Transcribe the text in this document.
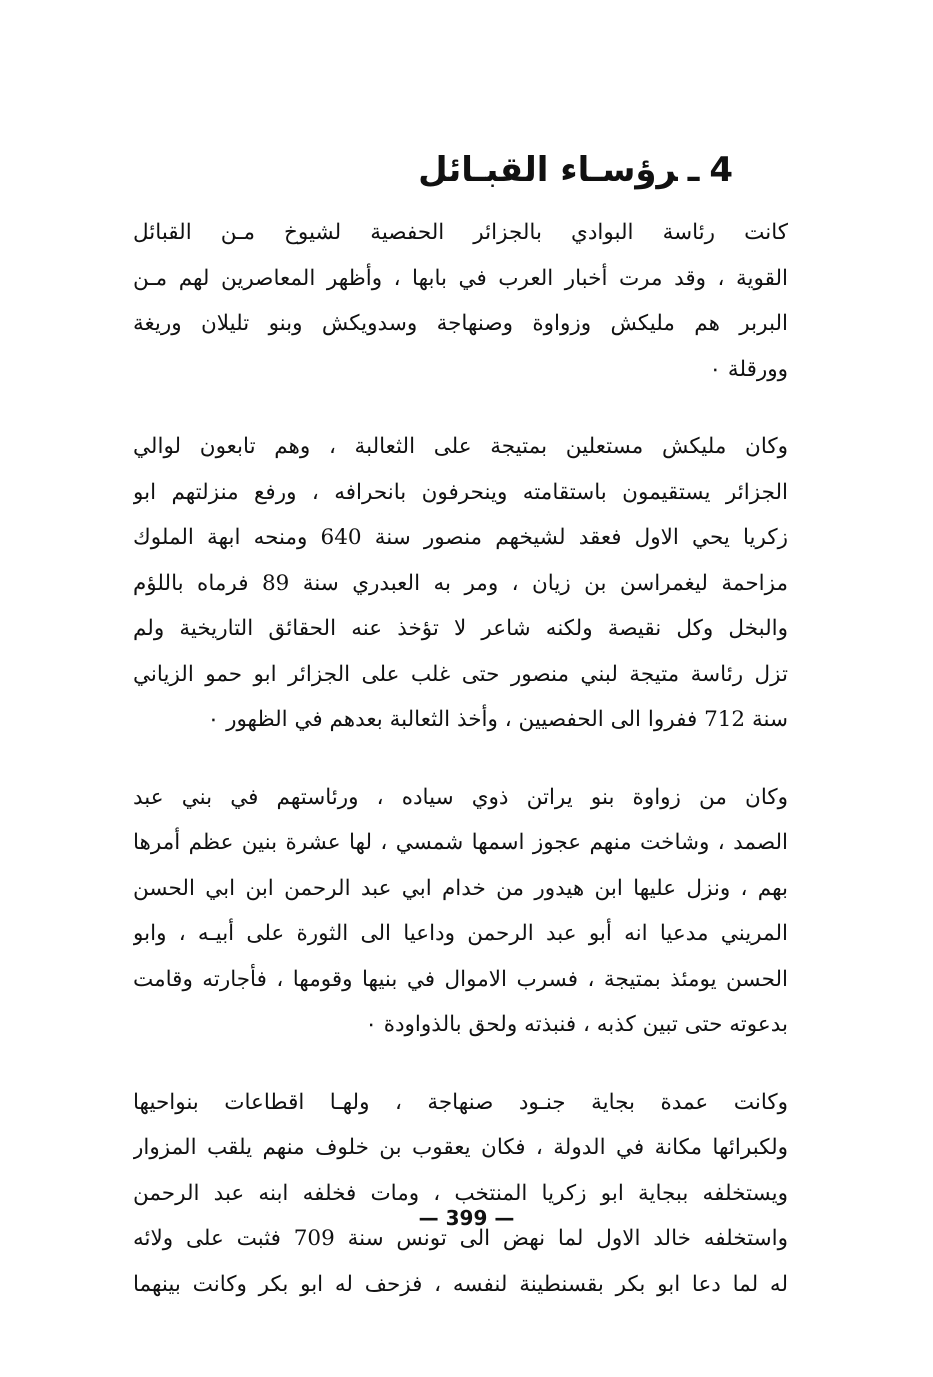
4ـرؤسـاء القبـائل
كانت رئاسة البوادي بالجزائر الحفصية لشيوخ مـن القبائل
القوية ، وقد مرت أخبار العرب في بابها ، وأظهر المعاصرين لهم مـن
البربر هم مليكش وزواوة وصنهاجة وسدويكش وبنو تليلان وريغة
وورقلة ٠
وكان مليكش مستعلين بمتيجة على الثعالبة ، وهم تابعون لوالي
الجزائر يستقيمون باستقامته وينحرفون بانحرافه ، ورفع منزلتهم ابو
زكريا يحي الاول فعقد لشيخهم منصور سنة 640 ومنحه ابهة الملوك
مزاحمة ليغمراسن بن زيان ، ومر به العبدري سنة 89 فرماه باللؤم
والبخل وكل نقيصة ولكنه شاعر لا تؤخذ عنه الحقائق التاريخية ولم
تزل رئاسة متيجة لبني منصور حتى غلب على الجزائر ابو حمو الزياني
سنة 712 ففروا الى الحفصيين ، وأخذ الثعالبة بعدهم في الظهور ٠
وكان من زواوة بنو يراتن ذوي سياده ، ورئاستهم في بني عبد
الصمد ، وشاخت منهم عجوز اسمها شمسي ، لها عشرة بنين عظم أمرها
بهم ، ونزل عليها ابن هيدور من خدام ابي عبد الرحمن ابن ابي الحسن
المريني مدعيا انه أبو عبد الرحمن وداعيا الى الثورة على أبيـه ، وابو
الحسن يومئذ بمتيجة ، فسرب الاموال في بنيها وقومها ، فأجارته وقامت
بدعوته حتى تبين كذبه ، فنبذته ولحق بالذواودة ٠
وكانت عمدة بجاية جنـود صنهاجة ، ولهـا اقطاعات بنواحيها
ولكبرائها مكانة في الدولة ، فكان يعقوب بن خلوف منهم يلقب المزوار
ويستخلفه ببجاية ابو زكريا المنتخب ، ومات فخلفه ابنه عبد الرحمن
واستخلفه خالد الاول لما نهض الى تونس سنة 709 فثبت على ولائه
له لما دعا ابو بكر بقسنطينة لنفسه ، فزحف له ابو بكر وكانت بينهما
— 399 —
